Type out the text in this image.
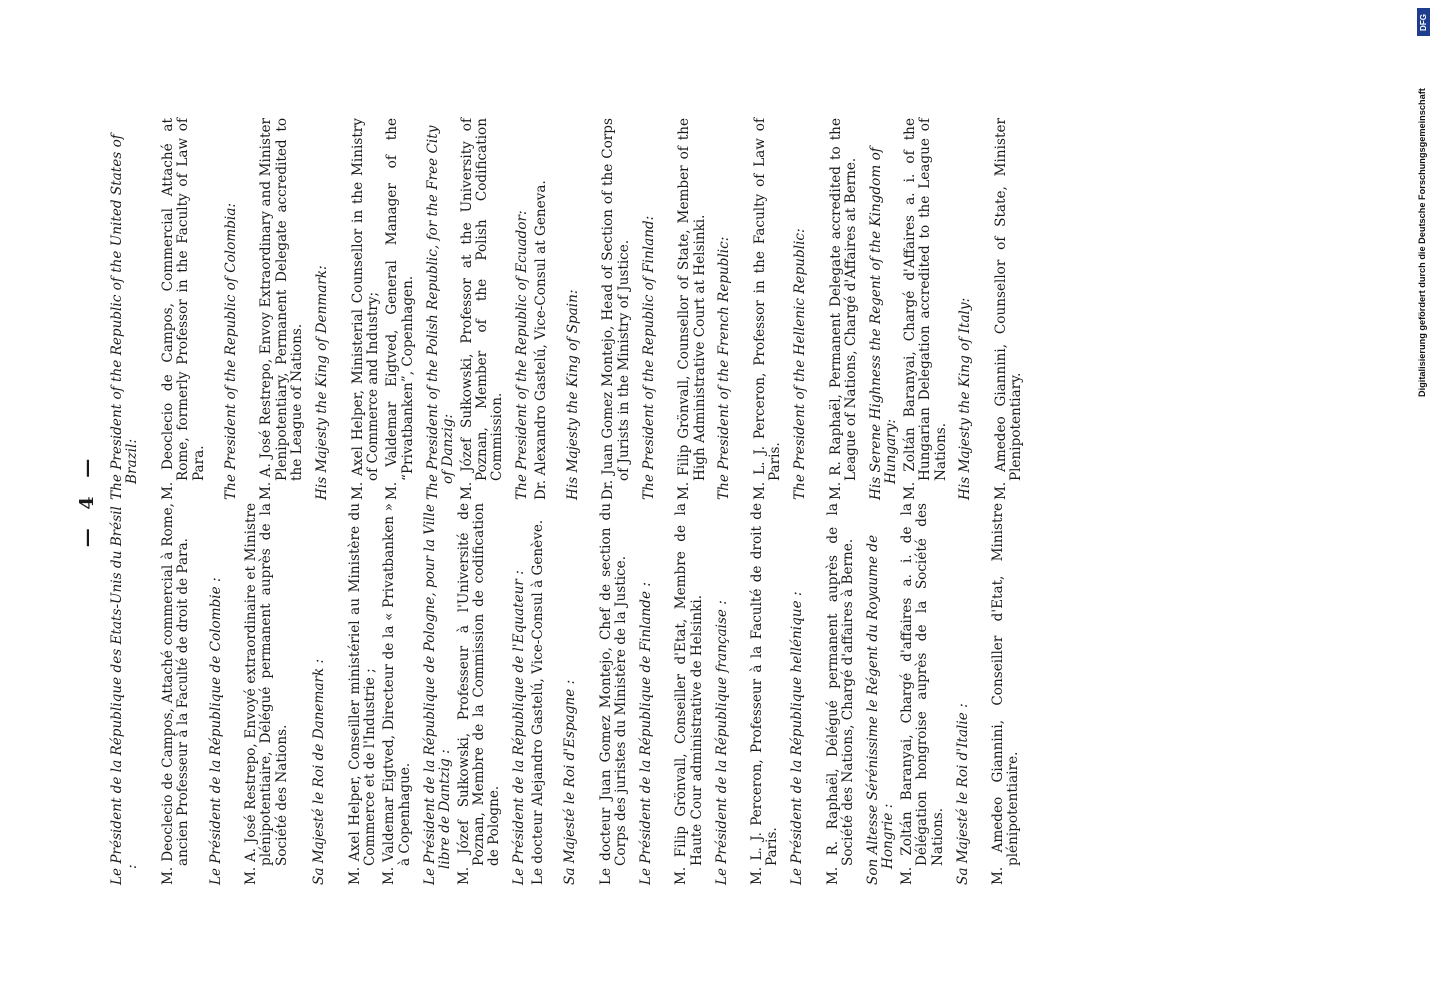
— 4 —
Le Président de la République des Etats-Unis du Brésil : M. Deoclecio de Campos, Attaché commercial à Rome, ancien Professeur à la Faculté de droit de Para. Le Président de la République de Colombie : M. A. José Restrepo, Envoyé extraordinaire et Ministre plénipotentiaire, Délégué permanent auprès de la Société des Nations. Sa Majesté le Roi de Danemark : M. Axel Helper, Conseiller ministériel au Ministère du Commerce et de l'Industrie ; M. Valdemar Eigtved, Directeur de la « Privatbanken » à Copenhague. Le Président de la République de Pologne, pour la Ville libre de Dantzig : M. Józef Sułkowski, Professeur à l'Université de Poznan, Membre de la Commission de codification de Pologne. Le Président de la République de l'Equateur : Le docteur Alejandro Gastelú, Vice-Consul à Genève. Sa Majesté le Roi d'Espagne : Le docteur Juan Gomez Montejo, Chef de section du Corps des juristes du Ministère de la Justice. Le Président de la République de Finlande : M. Filip Grönvall, Conseiller d'Etat, Membre de la Haute Cour administrative de Helsinki. Le Président de la République française : M. L. J. Perceron, Professeur à la Faculté de droit de Paris. Le Président de la République hellénique : M. R. Raphaël, Délégué permanent auprès de la Société des Nations, Chargé d'affaires à Berne. Son Altesse Sérénissime le Régent du Royaume de Hongrie : M. Zoltán Baranyai, Chargé d'affaires a. i. de la Délégation hongroise auprès de la Société des Nations. Sa Majesté le Roi d'Italie : M. Amedeo Giannini, Conseiller d'Etat, Ministre plénipotentiaire.
The President of the Republic of the United States of Brazil: M. Deoclecio de Campos, Commercial Attaché at Rome, formerly Professor in the Faculty of Law of Para. The President of the Republic of Colombia: M. A. José Restrepo, Envoy Extraordinary and Minister Plenipotentiary, Permanent Delegate accredited to the League of Nations. His Majesty the King of Denmark: M. Axel Helper, Ministerial Counsellor in the Ministry of Commerce and Industry; M. Valdemar Eigtved, General Manager of the “Privatbanken”, Copenhagen. The President of the Polish Republic, for the Free City of Danzig: M. Józef Sułkowski, Professor at the University of Poznan, Member of the Polish Codification Commission. The President of the Republic of Ecuador: Dr. Alexandro Gastelú, Vice-Consul at Geneva. His Majesty the King of Spain: Dr. Juan Gomez Montejo, Head of Section of the Corps of Jurists in the Ministry of Justice. The President of the Republic of Finland: M. Filip Grönvall, Counsellor of State, Member of the High Administrative Court at Helsinki. The President of the French Republic: M. L. J. Perceron, Professor in the Faculty of Law of Paris. The President of the Hellenic Republic: M. R. Raphaël, Permanent Delegate accredited to the League of Nations, Chargé d'Affaires at Berne. His Serene Highness the Regent of the Kingdom of Hungary: M. Zoltán Baranyai, Chargé d'Affaires a. i. of the Hungarian Delegation accredited to the League of Nations. His Majesty the King of Italy: M. Amedeo Giannini, Counsellor of State, Minister Plenipotentiary.
DFG
Digitalisierung gefördert durch die Deutsche Forschungsgemeinschaft
